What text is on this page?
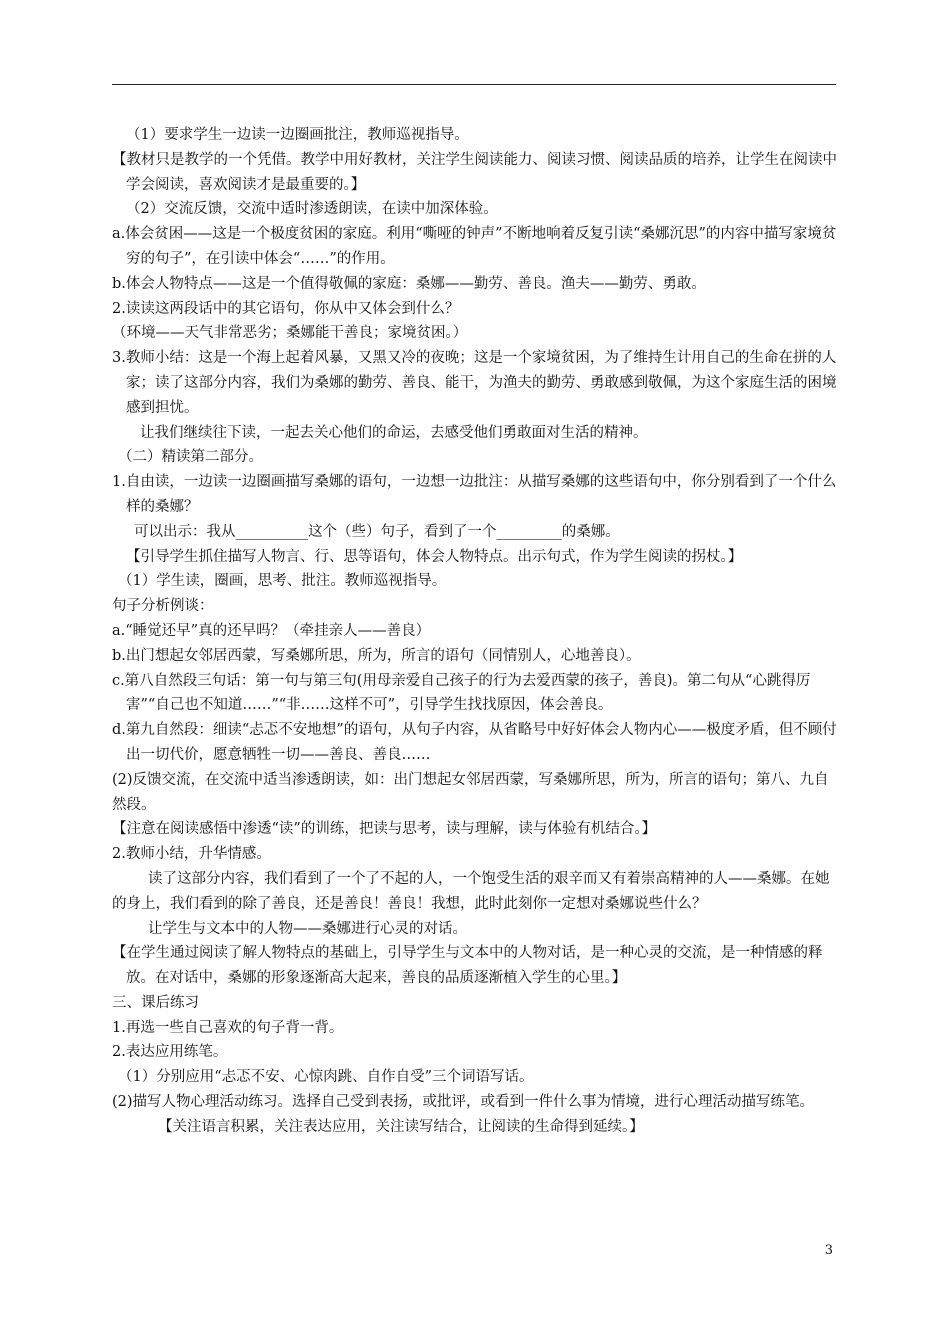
（1）要求学生一边读一边圈画批注，教师巡视指导。

【教材只是教学的一个凭借。教学中用好教材，关注学生阅读能力、阅读习惯、阅读品质的培养，让学生在阅读中学会阅读，喜欢阅读才是最重要的。】

（2）交流反馈，交流中适时渗透朗读，在读中加深体验。

a.体会贫困——这是一个极度贫困的家庭。利用“嘶哑的钟声”不断地响着反复引读“桑娜沉思”的内容中描写家境贫穷的句子”，在引读中体会“……”的作用。

b.体会人物特点——这是一个值得敬佩的家庭：桑娜——勤劳、善良。渔夫——勤劳、勇敢。

2.读读这两段话中的其它语句，你从中又体会到什么？

（环境——天气非常恶劣；桑娜能干善良；家境贫困。）

3.教师小结：这是一个海上起着风暴，又黑又冷的夜晚；这是一个家境贫困，为了维持生计用自己的生命在拼的人家；读了这部分内容，我们为桑娜的勤劳、善良、能干，为渔夫的勤劳、勇敢感到敬佩，为这个家庭生活的困境感到担忧。

让我们继续往下读，一起去关心他们的命运，去感受他们勇敢面对生活的精神。

（二）精读第二部分。

1.自由读，一边读一边圈画描写桑娜的语句，一边想一边批注：从描写桑娜的这些语句中，你分别看到了一个什么样的桑娜？

可以出示：我从__________这个（些）句子，看到了一个_________的桑娜。

【引导学生抓住描写人物言、行、思等语句，体会人物特点。出示句式，作为学生阅读的拐杖。】

（1）学生读，圈画，思考、批注。教师巡视指导。

句子分析例谈：

a.“睡觉还早”真的还早吗？（牵挂亲人——善良）

b.出门想起女邻居西蒙，写桑娜所思，所为，所言的语句（同情别人，心地善良）。

c.第八自然段三句话：第一句与第三句(用母亲爱自己孩子的行为去爱西蒙的孩子，善良)。第二句从“心跳得厉害”“自己也不知道……”“非……这样不可”，引导学生找找原因，体会善良。

d.第九自然段：细读“忐忑不安地想”的语句，从句子内容，从省略号中好好体会人物内心——极度矛盾，但不顾付出一切代价，愿意牺牲一切——善良、善良……

(2)反馈交流，在交流中适当渗透朗读，如：出门想起女邻居西蒙，写桑娜所思，所为，所言的语句；第八、九自然段。

【注意在阅读感悟中渗透“读”的训练，把读与思考，读与理解，读与体验有机结合。】

2.教师小结，升华情感。

读了这部分内容，我们看到了一个了不起的人，一个饱受生活的艰辛而又有着崇高精神的人——桑娜。在她的身上，我们看到的除了善良，还是善良！善良！我想，此时此刻你一定想对桑娜说些什么？

让学生与文本中的人物——桑娜进行心灵的对话。

【在学生通过阅读了解人物特点的基础上，引导学生与文本中的人物对话，是一种心灵的交流，是一种情感的释放。在对话中，桑娜的形象逐渐高大起来，善良的品质逐渐植入学生的心里。】

三、课后练习

1.再选一些自己喜欢的句子背一背。

2.表达应用练笔。

（1）分别应用“忐忑不安、心惊肉跳、自作自受”三个词语写话。

(2)描写人物心理活动练习。选择自己受到表扬，或批评，或看到一件什么事为情境，进行心理活动描写练笔。

【关注语言积累，关注表达应用，关注读写结合，让阅读的生命得到延续。】

3
